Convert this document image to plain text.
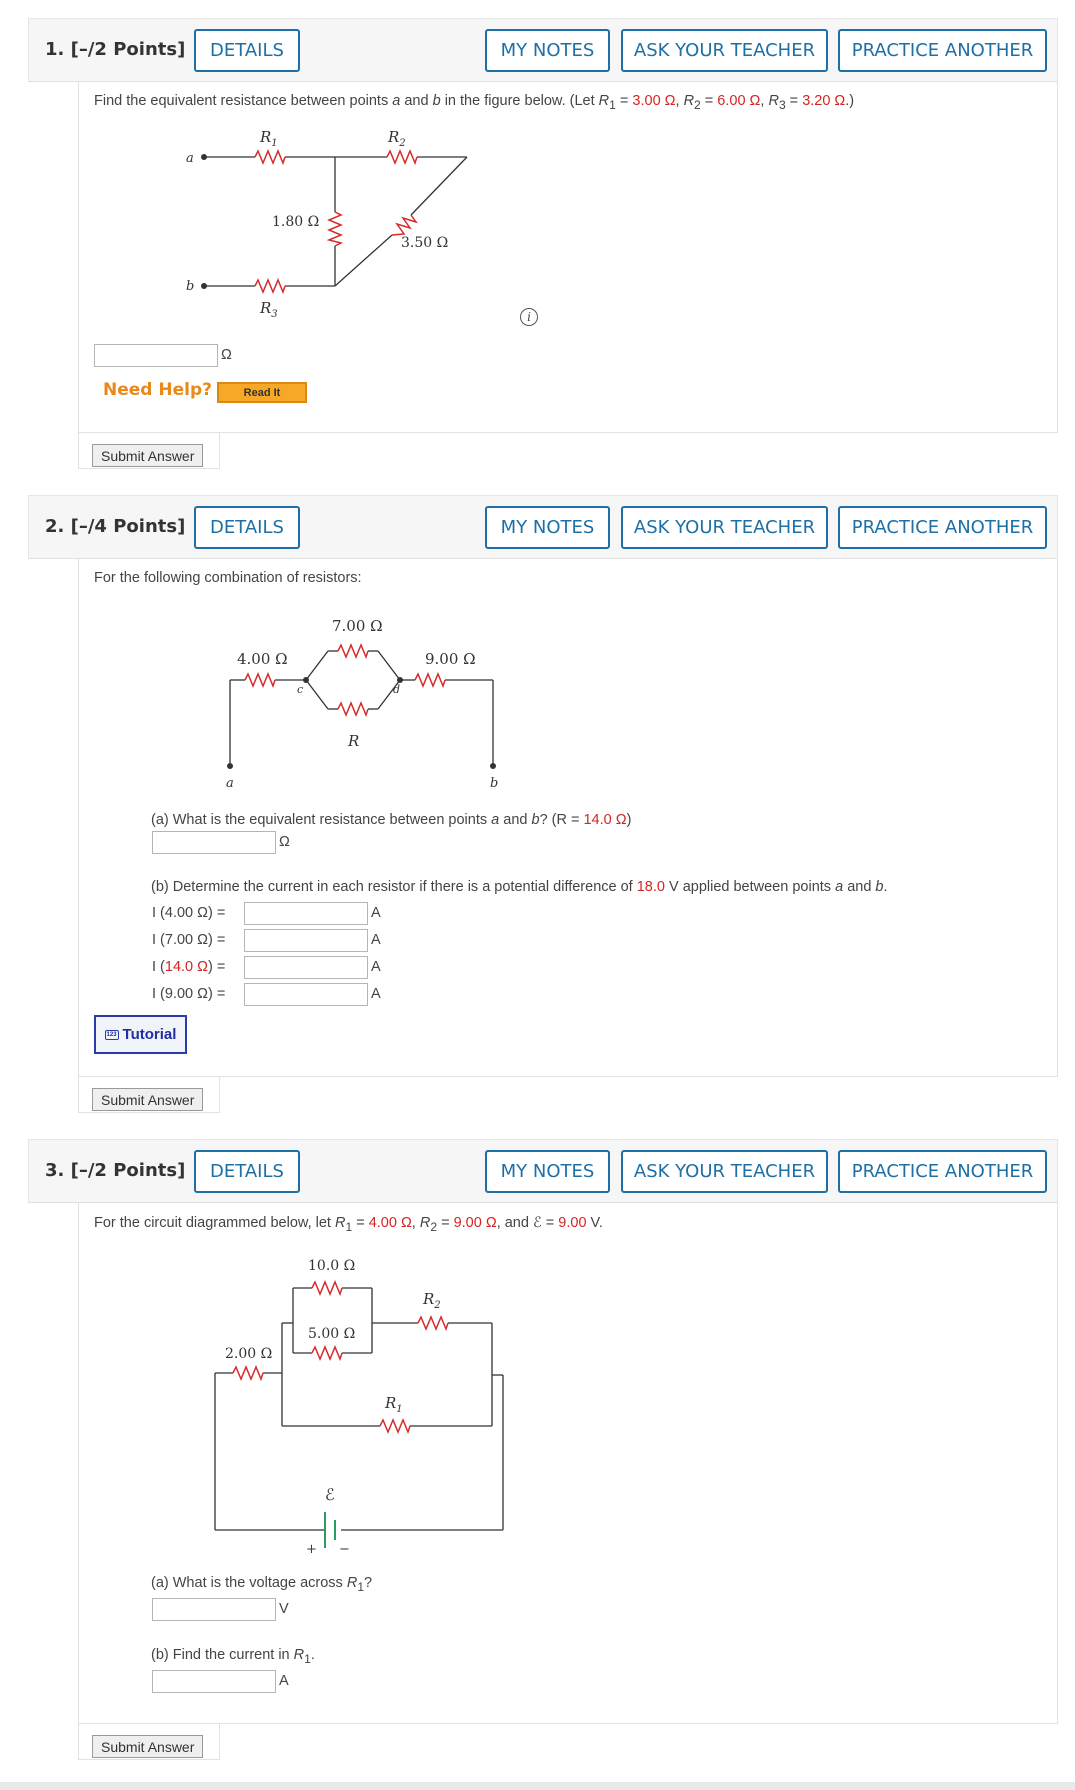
1. [–/2 Points]	DETAILS	MY NOTES	ASK YOUR TEACHER	PRACTICE ANOTHER
Find the equivalent resistance between points a and b in the figure below. (Let $R_1 = 3.00$ Ω, $R_2 = 6.00$ Ω, $R_3 = 3.20$ Ω.)
a
b
$R_1$	$R_2$
$R_3$
1.80 Ω
3.50 Ω
i
Ω
Need Help?	Read It
Submit Answer
2. [–/4 Points]	DETAILS	MY NOTES	ASK YOUR TEACHER	PRACTICE ANOTHER
For the following combination of resistors:
7.00 Ω
4.00 Ω	9.00 Ω
R
c	d
a	b
(a) What is the equivalent resistance between points a and b? (R = 14.0 Ω)
Ω
(b) Determine the current in each resistor if there is a potential difference of 18.0 V applied between points a and b.
I (4.00 Ω) =	A
I (7.00 Ω) =	A
I (14.0 Ω) =	A
I (9.00 Ω) =	A
123 Tutorial
Submit Answer
3. [–/2 Points]	DETAILS	MY NOTES	ASK YOUR TEACHER	PRACTICE ANOTHER
For the circuit diagrammed below, let $R_1 = 4.00$ Ω, $R_2 = 9.00$ Ω, and ℰ = 9.00 V.
10.0 Ω
5.00 Ω
2.00 Ω
$R_2$
$R_1$
ℰ
+ −
(a) What is the voltage across $R_1$?
V
(b) Find the current in $R_1$.
A
Submit Answer
